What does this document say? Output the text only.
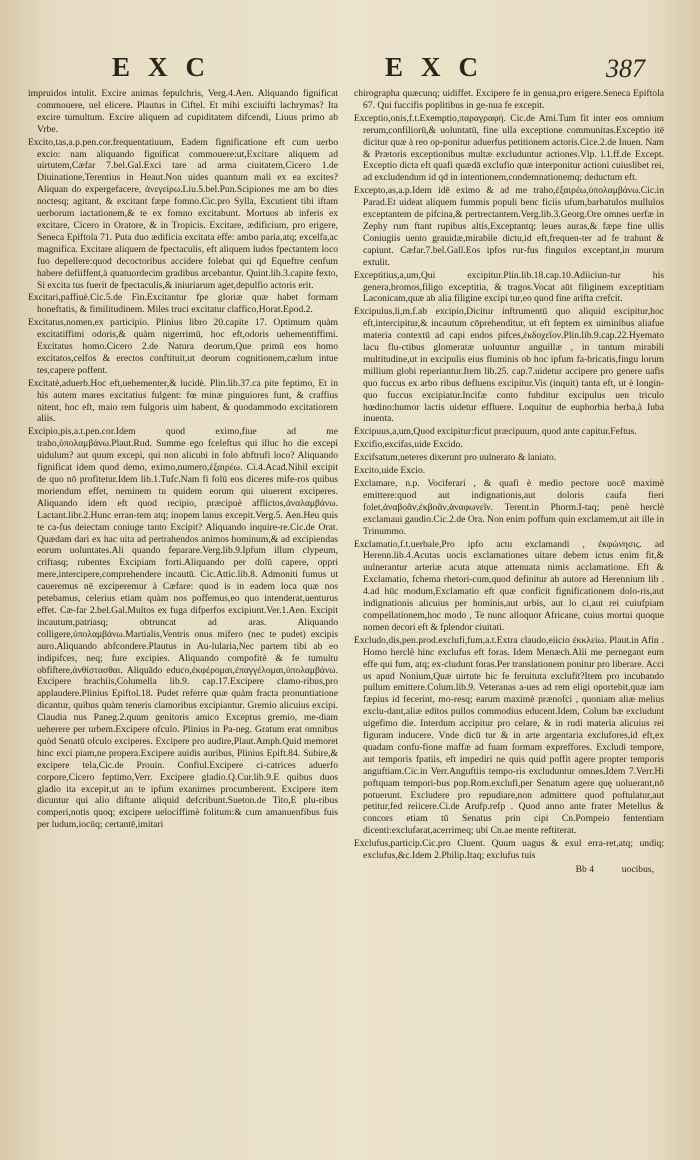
EXC	EXC	387

impruidos intulit. Excire animas fepulchris, Verg.4.Aen. Aliquando fignificat commouere, uel elicere. Plautus in Ciftel. Et mihi exciuifti lachrymas? Ita excire tumultum. Excire aliquem ad cupiditatem difcendi, Liuus primo ab Vrbe.

Excito,tas,a.p.pen.cor.frequentatiuum, Eadem fignificatione eft cum uerbo excio: nam aliquando fignificat commouere:ut,Excitare aliquem ad uirtutem,Cæfar 7.bel.Gal.Exci tare ad arma ciuitatem,Cicero 1.de Diuinatione,Terentius in Heaut.Non uides quantum mali ex ea excites? Aliquan do expergefacere, ἀνεγείρω.Liu.5.bel.Pun.Scipiones me am bo dies noctesq; agitant, & excitant fæpe fomno.Cic.pro Sylla, Excutient tibi iftam uerborum iactationem,& te ex fomno excitabunt. Mortuos ab inferis ex excitare, Cicero in Oratore, & in Tropicis. Excitare, ædificium, pro erigere, Seneca Epiftola 71. Puta duo ædificia excitata effe: ambo paria,atq; excelfa,ac magnifica. Excitare aliquem de fpectaculis, eft aliquem ludos fpectantem loco fuo depellere:quod decoctoribus accidere folebat qui qd Equeftre cenfum habere defiiffent,à quatuordecim gradibus arcebantur. Quint.lib.3.capite fexto, Si excita tus fuerit de fpectaculis,& iniuriarum aget,depulfio actoris erit.

Excitari,paffiuè.Cic.5.de Fin.Excitantur fpe gloriæ quæ habet formam honeftatis, & fimilitudinem. Miles truci excitatur claffico,Horat.Epod.2.

Excitatus,nomen,ex participio. Plinius libro 20.capite 17. Optimum quàm excitatiffimi odoris,& quàm nigerrimū, hoc eft,odoris uehementiffimi. Excitatus homo.Cicero 2.de Natura deorum,Que primū eos homo excitatos,celfos & erectos conftituit,ut deorum cognitionem,cælum intue tes,capere poffent.

Excitatè,aduerb.Hoc eft,uehementer,& lucidè. Plin.lib.37.ca pite feptimo, Et in his autem mares excitatius fulgent: fœ minæ pinguiores funt, & craffius nitent, hoc eft, maio rem fulgoris uim habent, & quodammodo excitatiorem aliis.

Excipio,pis,a.t.pen.cor.Idem quod eximo,fiue ad me traho,ὑπολαμβάνω.Plaut.Rud. Summe ego fceleftus qui illuc ho die excepi uidulum? aut quum excepi, qui non alicubi in folo abftrufi loco? Aliquando fignificat idem quod demo, eximo,numero,ἐξαιρέω. Ci.4.Acad.Nihil excipit de quo nō profitetur.Idem lib.1.Tufc.Nam fi folū eos diceres mife-ros quibus moriendum effet, neminem tu quidem eorum qui uiuerent exciperes. Aliquando idem eft quod recipio, præcipuè afflictos,ἀναλαμβάνω. Lactant.libr.2.Hunc erran-tem atq; inopem lanus excepit.Verg.5. Aen.Heu quis te ca-fus deiectam coniuge tanto Excipit? Aliquando inquire-re.Cic.de Orat. Quædam dari ex hac uita ad pertrahendos animos hominum,& ad excipiendas eorum uoluntates.Ali quando feparare.Verg.lib.9.Ipfum illum clypeum, criftasq; rubentes Excipiam forti.Aliquando per dolū capere, oppri mere,intercipere,comprehendere incautū. Cic.Attic.lib.8. Admoniti fumus ut caueremus nē exciperemur à Cæfare: quod is in eadem loca quæ nos petebamus, celerius etiam quàm nos poffemus,eo quo intenderat,uenturus effet. Cæ-far 2.bel.Gal.Multos ex fuga difperfos excipiunt.Ver.1.Aen. Excipit incautum,patriasq; obtruncat ad aras. Aliquando colligere,ὑπολαμβάνω.Martialis,Ventris onus mifero (nec te pudet) excipis auro.Aliquando abfcondere.Plautus in Au-lularia,Nec partem tibi ab eo indipifces, neq; fure excipies. Aliquando compofitè & fe tumultu obfiftere,ἀνθίστασθαι. Aliquādo educo,ἐκφέρομαι,ἐπαγγέλομαι,ὑπολαμβάνω. Excipere brachiis,Columella lib.9. cap.17.Excipere clamo-ribus,pro applaudere.Plinius Epiftol.18. Pudet referre quæ quàm fracta pronuntiatione dicantur, quibus quàm teneris clamoribus excipiantur. Gremio alicuius excipi. Claudia nus Paneg.2.quum genitoris amico Exceptus gremio, me-diam ueherere per urbem.Excipere ofculo. Plinius in Pa-neg. Gratum erat omnibus quòd Senatū ofculo exciperes. Excipere pro audire,Plaut.Amph.Quid memoret hinc exci piam,ne propera.Excipere auidis auribus, Plinius Epift.84. Subire,& excipere tela,Cic.de Prouin. Confiul.Excipere ci-catrices aduerfo corpore,Cicero feptimo,Verr. Excipere gladio.Q.Cur.lib.9.E quibus duos gladio ita excepit,ut an te ipfum exanimes procumberent. Excipere item dicuntur qui alio diftante aliquid defcribunt.Sueton.de Tito,E plu-ribus comperi,notis quoq; excipere uelociffimè folitum:& cum amanuenfibus fuis per ludum,iocūq; certantē,imitari

chirographa quæcunq; uidiffet. Excipere fe in genua,pro erigere.Seneca Epiftola 67. Qui fuccifis poplitibus in ge-nua fe excepit.

Exceptio,onis,f.t.Exemptio,παραγραφή. Cic.de Ami.Tum fit inter eos omnium rerum,confiliorū,& uoluntatū, fine ulla exceptione communitas.Exceptio itē dicitur quæ à reo op-ponitur aduerfus petitionem actoris.Cice.2.de Inuen. Nam & Prætoris exceptionibus multæ excluduntur actiones.Vlp. l.1.ff.de Except. Exceptio dicta eft quafi quædā exclufio quæ interponitur actioni cuiuslibet rei, ad excludendum id qd in intentionem,condemnationemq; deductum eft.

Excepto,as,a.p.Idem idē eximo & ad me traho,ἐξαιρέω,ὑπολαμβάνω.Cic.in Parad.Et uideat aliquem fummis populi benc ficiis ufum,barbatulos mullulos exceptantem de pifcina,& pertrectantem.Verg.lib.3.Georg.Ore omnes uerfæ in Zephy rum ftant rupibus altis,Exceptantq; leues auras,& fæpe fine ullis Coniugiis uento grauidæ,mirabile dictu,id eft,frequen-ter ad fe trahunt & capiunt. Cæfar.7.bel.Gall.Eos ipfos rur-fus fingulos exceptant,in murum extulit.

Exceptitius,a,um,Qui excipitur.Plin.lib.18.cap.10.Adiiciun-tur his genera,bromos,filigo exceptitia, & tragos.Vocat aūt filiginem exceptitiam Laconicam,quæ ab alia filigine excipi tur,eo quod fine arifta crefcit.

Excipulus,li,m.f.ab excipio,Dicitur inftrumentū quo aliquid excipitur,hoc eft,intercipitur,& incautum cōprehenditur, ut eft feptem ex uiminibus aliafue materia contextū ad capi endos pifces,ἐκδοχεῖον.Plin.lib.9.cap.22.Hyemato lacu flu-ctibus glomeratæ uoluuntur anguillæ , in tantum mirabili multitudine,ut in excipulis eius fluminis ob hoc ipfum fa-bricatis,fingu lorum millium globi reperiantur.Item lib.25. cap.7.uidetur accipere pro genere uafis quo fuccus ex arbo ribus defluens excipitur.Vis (inquit) tanta eft, ut è longin-quo fuccus excipiatur.Incifæ conto fubditur excipulus uen triculo hœdino:humor lactis uidetur effluere. Loquitur de euphorbia herba,à Iuba inuenta.

Excipuus,a,um,Quod excipitur:ficut præcipuum, quod ante capitur.Feftus.

Excifio,excifas,uide Excido.

Excifsatum,ueteres dixerunt pro uulnerato & laniato.

Excito,uide Excio.

Exclamare, n.p. Vociferari , & quafi è medio pectore uocē maximè emittere:quod aut indignationis,aut doloris caufa fieri folet,ἀναβοᾶν,ἐκβοᾶν,ἀναφωνεῖν. Terent.in Phorm.I-taq; penè herclè exclamaui gaudio.Cic.2.de Ora. Non enim poffum quin exclamem,ut ait ille in Trinummo.

Exclamatio,f.t.uerbale,Pro ipfo actu exclamandi , ἐκφώνησις. ad Herenn.lib.4.Acutas uocis exclamationes uitare debem ictus enim fit,& uulnerantur arteriæ acuta atque attenuata nimis acclamatione. Eft & Exclamatio, fchema rhetori-cum,quod definitur ab autore ad Herennium lib . 4.ad hūc modum,Exclamatio eft quæ conficit fignificationem dolo-ris,aut indignationis alicuius per hominis,aut urbis, aut lo ci,aut rei cuiufpiam compellationem,hoc modo , Te nunc alloquor Africane, cuius mortui quoque nomen decori eft & fplendor ciuitati.

Excludo,dis,pen.prod.exclufi,fum,a.t.Extra claudo,eiicio ἐκκλείω. Plaut.in Afin . Homo herclè hinc exclufus eft foras. Idem Menæch.Alii me pernegant eum effe qui fum, atq; ex-cludunt foras.Per translationem ponitur pro liberare. Acci us apud Nonium,Quæ uirtute hic fe feruituta exclufit?Item pro incubando pullum emittere.Colum.lib.9. Veteranas a-ues ad rem eligi oportebit,quæ iam fæpius id fecerint, mo-resq; earum maximè prænofci , quoniam aliæ melius exclu-dant,aliæ editos pullos commodius educent.Idem, Colum bæ excludunt uigefimo die. Interdum accipitur pro celare, & in rudi materia alicuius rei figuram inducere. Vnde dicū tur & in arte argentaria exclufores,id eft,ex quadam confu-fione maffæ ad fuam formam expreffores. Excludi tempore, aut temporis fpatiis, eft impediri ne quis quid poffit agere propter temporis anguftiam.Cic.in Verr.Anguftiis tempo-ris excluduntur omnes.Idem 7.Verr.Hi poftquam tempori-bus pop.Rom.exclufi,per Senatum agere quę uoluerant,nō potuerunt. Excludere pro repudiare,non admittere quod poftulatur,aut petitur,fed reiicere.Ci.de Arufp.refp . Quod anno ante frater Metellus & concors etiam tū Senatus prin cipi Cn.Pompeio fententiam dicenti:exclufərat,acerrimeq; ubi Cn.ae mente reftiterat.

Exclufus,particip.Cic.pro Cluent. Quum uagus & exul erra-ret,atq; undiq; exclufus,&c.Idem 2.Philip.Itaq; exclufus tuis

Bb 4	uocibus,
